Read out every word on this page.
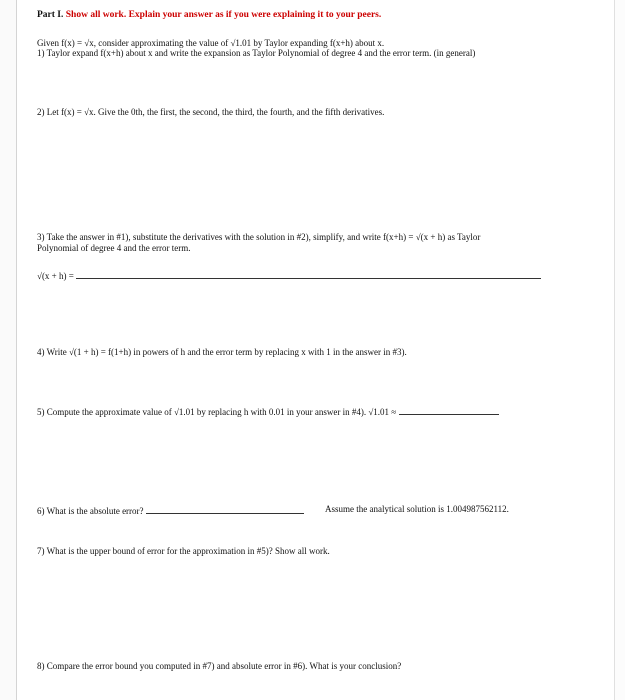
Part I. Show all work. Explain your answer as if you were explaining it to your peers.
Given f(x) = √x, consider approximating the value of √1.01 by Taylor expanding f(x+h) about x.
1) Taylor expand f(x+h) about x and write the expansion as Taylor Polynomial of degree 4 and the error term. (in general)
2) Let f(x) = √x. Give the 0th, the first, the second, the third, the fourth, and the fifth derivatives.
3) Take the answer in #1), substitute the derivatives with the solution in #2), simplify, and write f(x+h) = √(x + h) as Taylor
Polynomial of degree 4 and the error term.
√(x + h) =
4) Write √(1 + h) = f(1+h) in powers of h and the error term by replacing x with 1 in the answer in #3).
5) Compute the approximate value of √1.01 by replacing h with 0.01 in your answer in #4). √1.01 ≈
6) What is the absolute error?	Assume the analytical solution is 1.004987562112.
7) What is the upper bound of error for the approximation in #5)? Show all work.
8) Compare the error bound you computed in #7) and absolute error in #6). What is your conclusion?
